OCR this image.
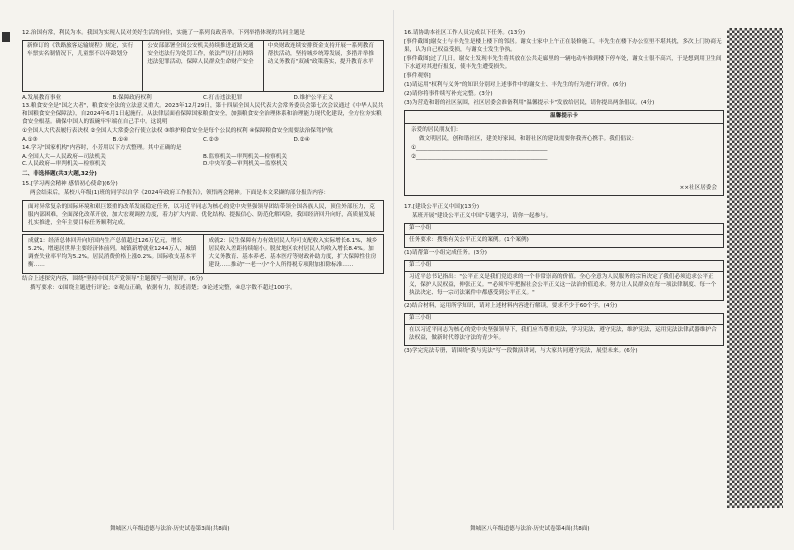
12.治国有常，利民为本。我国为实现人民对美好生活的向往，实施了一系列良政善举。下列举措体现的共同主题是

新修订的《铁路旅客运输规程》规定，实行车票实名制情况下，儿童票不以年龄划分
公安部部署全国公安机关持续推进道路交通安全违法行为处罚工作，依法严厉打击网络违法犯罪活动，保障人民群众生命财产安全
中央财政连续安排资金支持开展一系列教育帮扶活动，坚持城乡统筹发展，多措并举推动义务教育"双减"政策落实，提升教育水平
A.发展教育事业	B.保障政府权利	C.打击违法犯罪	D.维护公平正义

13.粮食安全是"国之大者"，粮食安全法的立法意义重大。2023年12月29日，第十四届全国人民代表大会常务委员会第七次会议通过《中华人民共和国粮食安全保障法》，自2024年6月1日起施行。从法律层面看保障国家粮食安全，加强粮食安全治理体系和治理能力现代化建设，全方位夯实粮食安全根基。确保中国人的饭碗牢牢端在自己手中。这说明

①全国人大代表履行表决权 ②全国人大常委会行使立法权 ③维护粮食安全是每个公民的权利 ④保障粮食安全需要法治保驾护航

A.①③	B.①④	C.②③	D.②④

14.学习"国家机构"内容时，小芳用以下方式整理。其中正确的是

A.全国人大—人民政府—司法机关	B.监察机关—审判机关—检察机关
C.人民政府—审判机关—检察机关	D.中央军委—审判机关—监察机关

二、非选择题(共3大题,32分)

15.[学习两会精神 感悟初心使命](6分)

两会结束后，某校八年级(1)班的同学以自学《2024年政府工作报告》，领悟两会精神。下面是本文采撷的部分报告内容：

面对异常复杂的国际环境和艰巨繁重的改革发展稳定任务，以习近平同志为核心的党中央坚强领导团结带领全国各族人民，顶住外部压力，克服内部困难，全面深化改革开放，加大宏观调控力度，着力扩大内需、优化结构、提振信心、防范化解风险，我国经济回升向好，高质量发展扎实推进，全年主要目标任务顺利完成。
成就1：经济总体回升向好国内生产总值超过126万亿元，增长5.2%，增速居世界主要经济体前列。城镇新增就业1244万人，城镇调查失业率平均为5.2%。居民消费价格上涨0.2%。国际收支基本平衡……
成就2：民生保障有力有效居民人均可支配收入实际增长6.1%，城乡居民收入差距持续缩小。脱贫地区农村居民人均收入增长8.4%。加大义务教育、基本养老、基本医疗等财政补助力度，扩大保障性住房建设……推动"一老一小"个人所得税专项附加扣除标准……

结合上述探究内容，围绕"坚持中国共产党领导"主题撰写一则短评。(6分)

撰写要求：①围绕主题进行评论；②观点正确，依据有力，叙述清楚；③论述完整，④总字数不超过100字。

舞城区八年级道德与法治·历史试卷第3面(共8面)

16.请协助本社区工作人员完成以下任务。(13分)

[事件截图]谢女士与丰先生是楼上楼下的邻居。谢女士家中上午正在装修施工，丰先生在楼下办公室里不堪其扰，多次上门协商无果，认为自己权益受损，与谢女士发生争执。

[事件截图]过了几日，谢女士发现丰先生将其放在公共走廊里的一辆电动车推到楼下停车处，谢女士很不高兴，于是想到用卫生间下水道对其进行报复，使丰先生遭受损失。

[事件观察]

(1)请运用"权利与义务"的知识分别对上述事件中的谢女士、丰先生的行为进行评价。(6分)

(2)请你将事件续写补充完整。(3分)

(3)为营造和谐的社区氛围，社区居委会准备利用"温馨提示卡"发放给居民，请你提出两条倡议。(4分)

温馨提示卡

亲爱的居民朋友们：

做文明居民，创和谐社区，建美好家园，和谐社区的建设需要你我齐心携手。我们倡议：

①_______________________________________________

②_______________________________________________

××社区居委会

17.[建设公平正义中国](13分)

某班开展"建设公平正义中国"专题学习，请你一起参与。

第一小组
任务要求：搜集有关公平正义的案例。(1个案例)

(1)请帮第一小组完成任务。(3分)

第二小组
习近平总书记指出："公平正义是我们党追求的一个非常崇高的价值。全心全意为人民服务的宗旨决定了我们必须追求公平正义，保护人民权益，伸张正义。""必须牢牢把握社会公平正义这一法治价值追求。努力让人民群众在每一项法律制度、每一个执法决定、每一宗司法案件中都感受到公平正义。"

(2)结合材料，运用所学知识，请对上述材料内容进行解读，要求不少于60个字。(4分)

第三小组
在以习近平同志为核心的党中央坚强领导下，我们应当尊重宪法，学习宪法，遵守宪法，维护宪法，运用宪法法律武器维护合法权益，做新时代尊法守法的青少年。

(3)学完宪法专册，请围绕"我与宪法"写一段微演讲词，与大家共同遵守宪法，展望未来。(6分)

舞城区八年级道德与法治·历史试卷第4面(共8面)
